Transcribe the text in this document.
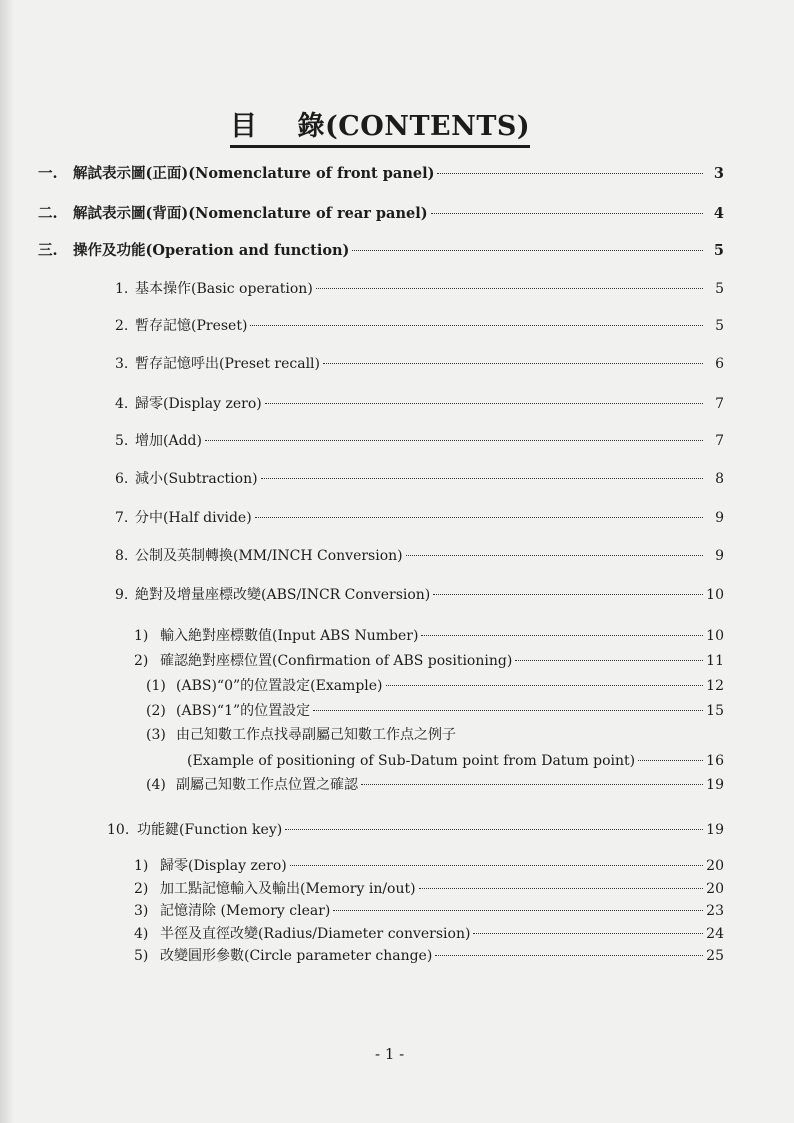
目 錄(CONTENTS)
一.	解試表示圖(正面)(Nomenclature of front panel)	3
二.	解試表示圖(背面)(Nomenclature of rear panel)	4
三.	操作及功能(Operation and function)	5
1. 基本操作(Basic operation)	5
2. 暫存記憶(Preset)	5
3. 暫存記憶呼出(Preset recall)	6
4. 歸零(Display zero)	7
5. 增加(Add)	7
6. 減小(Subtraction)	8
7. 分中(Half divide)	9
8. 公制及英制轉換(MM/INCH Conversion)	9
9. 絶對及增量座標改變(ABS/INCR Conversion)	10
1) 輸入絶對座標數值(Input ABS Number)	10
2) 確認絶對座標位置(Confirmation of ABS positioning)	11
(1) (ABS)“0”的位置設定(Example)	12
(2) (ABS)“1”的位置設定	15
(3) 由己知數工作点找尋副屬己知數工作点之例子
(Example of positioning of Sub-Datum point from Datum point)	16
(4) 副屬己知數工作点位置之確認	19
10. 功能鍵(Function key)	19
1) 歸零(Display zero)	20
2) 加工點記憶輸入及輸出(Memory in/out)	20
3) 記憶清除 (Memory clear)	23
4) 半徑及直徑改變(Radius/Diameter conversion)	24
5) 改變圓形參數(Circle parameter change)	25
- 1 -
